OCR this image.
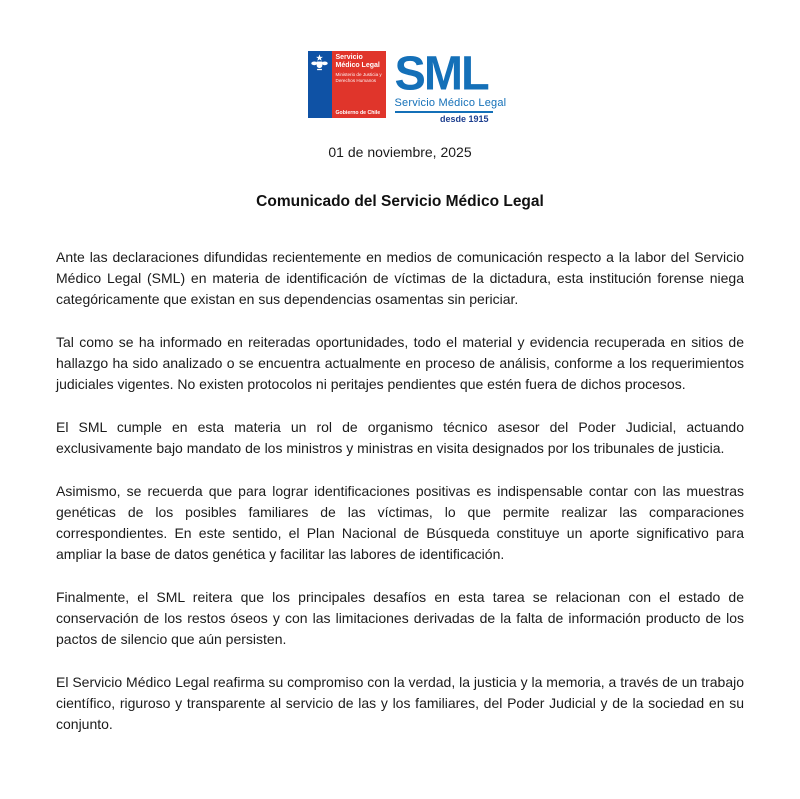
Servicio Médico Legal
Ministerio de Justicia y Derechos Humanos
Gobierno de Chile
SML
Servicio Médico Legal
desde 1915

01 de noviembre, 2025

Comunicado del Servicio Médico Legal

Ante las declaraciones difundidas recientemente en medios de comunicación respecto a la labor del Servicio Médico Legal (SML) en materia de identificación de víctimas de la dictadura, esta institución forense niega categóricamente que existan en sus dependencias osamentas sin periciar.

Tal como se ha informado en reiteradas oportunidades, todo el material y evidencia recuperada en sitios de hallazgo ha sido analizado o se encuentra actualmente en proceso de análisis, conforme a los requerimientos judiciales vigentes. No existen protocolos ni peritajes pendientes que estén fuera de dichos procesos.

El SML cumple en esta materia un rol de organismo técnico asesor del Poder Judicial, actuando exclusivamente bajo mandato de los ministros y ministras en visita designados por los tribunales de justicia.

Asimismo, se recuerda que para lograr identificaciones positivas es indispensable contar con las muestras genéticas de los posibles familiares de las víctimas, lo que permite realizar las comparaciones correspondientes. En este sentido, el Plan Nacional de Búsqueda constituye un aporte significativo para ampliar la base de datos genética y facilitar las labores de identificación.

Finalmente, el SML reitera que los principales desafíos en esta tarea se relacionan con el estado de conservación de los restos óseos y con las limitaciones derivadas de la falta de información producto de los pactos de silencio que aún persisten.

El Servicio Médico Legal reafirma su compromiso con la verdad, la justicia y la memoria, a través de un trabajo científico, riguroso y transparente al servicio de las y los familiares, del Poder Judicial y de la sociedad en su conjunto.
